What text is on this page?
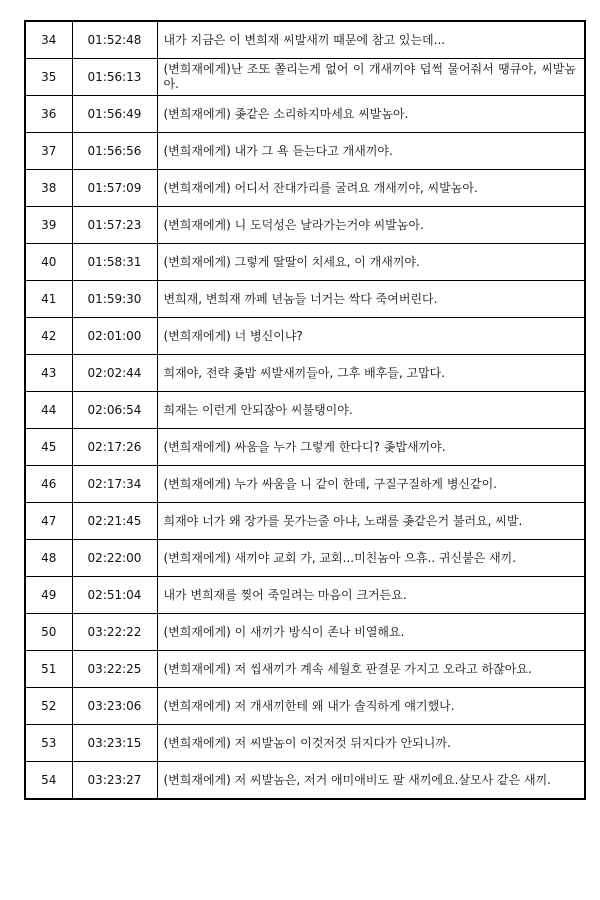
34	01:52:48	내가 지금은 이 변희재 씨발새끼 때문에 참고 있는데...
35	01:56:13	(변희재에게)난 조또 쫄리는게 없어 이 개새끼야 덥썩 물어줘서 땡큐야, 씨발놈아.
36	01:56:49	(변희재에게) 좆같은 소리하지마세요 씨발놈아.
37	01:56:56	(변희재에게) 내가 그 욕 듣는다고 개새끼야.
38	01:57:09	(변희재에게) 어디서 잔대가리를 굴려요 개새끼야, 씨발놈아.
39	01:57:23	(변희재에게) 니 도덕성은 날라가는거야 씨발놈아.
40	01:58:31	(변희재에게) 그렇게 딸딸이 치세요, 이 개새끼야.
41	01:59:30	변희재, 변희재 까페 년놈들 너거는 싹다 죽여버린다.
42	02:01:00	(변희재에게) 너 병신이냐?
43	02:02:44	희재야, 전략 좆밥 씨발새끼들아, 그후 배후들, 고맙다.
44	02:06:54	희재는 이런게 안되잖아 씨불탱이야.
45	02:17:26	(변희재에게) 싸움을 누가 그렇게 한다디? 좆밥새끼야.
46	02:17:34	(변희재에게) 누가 싸움을 니 같이 한데, 구질구질하게 병신같이.
47	02:21:45	희재야 너가 왜 장가를 못가는줄 아냐, 노래를 좆같은거 불러요, 씨발.
48	02:22:00	(변희재에게) 새끼야 교회 가, 교회...미친놈아 으휴.. 귀신붙은 새끼.
49	02:51:04	내가 변희재를 찢어 죽일려는 마음이 크거든요.
50	03:22:22	(변희재에게) 이 새끼가 방식이 존나 비열해요.
51	03:22:25	(변희재에게) 저 씹새끼가 계속 세월호 판결문 가지고 오라고 하잖아요.
52	03:23:06	(변희재에게) 저 개새끼한테 왜 내가 솔직하게 얘기했나.
53	03:23:15	(변희재에게) 저 씨발놈이 이것저것 뒤지다가 안되니까.
54	03:23:27	(변희재에게) 저 씨발놈은, 저거 애미애비도 팔 새끼에요.살모사 같은 새끼.
